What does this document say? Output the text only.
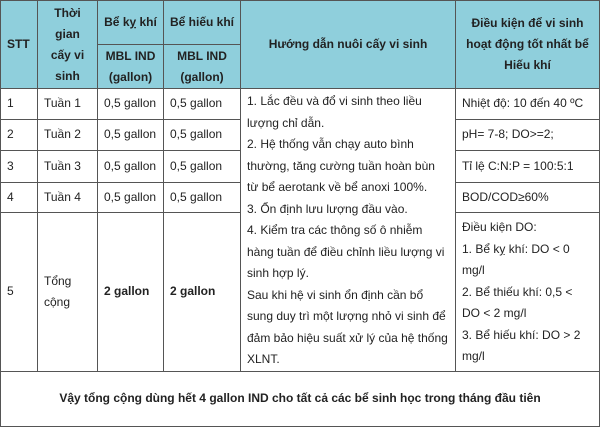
STT	Thời gian cấy vi sinh	Bể kỵ khí	Bể hiếu khí	Hướng dẫn nuôi cấy vi sinh	Điều kiện để vi sinh hoạt động tốt nhất bể Hiếu khí
		MBL IND (gallon)	MBL IND (gallon)		
1	Tuần 1	0,5 gallon	0,5 gallon	1. Lắc đều và đổ vi sinh theo liều lượng chỉ dẫn.
2. Hệ thống vẫn chạy auto bình thường, tăng cường tuần hoàn bùn từ bể aerotank về bể anoxi 100%.
3. Ổn định lưu lượng đầu vào.
4. Kiểm tra các thông số ô nhiễm hàng tuần để điều chỉnh liều lượng vi sinh hợp lý.
Sau khi hệ vi sinh ổn định cần bổ sung duy trì một lượng nhỏ vi sinh để đảm bảo hiệu suất xử lý của hệ thống XLNT.	Nhiệt độ: 10 đến 40 ºC
2	Tuần 2	0,5 gallon	0,5 gallon		pH= 7-8; DO>=2;
3	Tuần 3	0,5 gallon	0,5 gallon		Tỉ lệ C:N:P = 100:5:1
4	Tuần 4	0,5 gallon	0,5 gallon		BOD/COD≥60%
5	Tổng cộng	2 gallon	2 gallon		Điều kiện DO:
1. Bể kỵ khí: DO < 0 mg/l
2. Bể thiếu khí: 0,5 < DO < 2 mg/l
3. Bể hiếu khí: DO > 2 mg/l

Vậy tổng cộng dùng hết 4 gallon IND cho tất cả các bể sinh học trong tháng đầu tiên					
